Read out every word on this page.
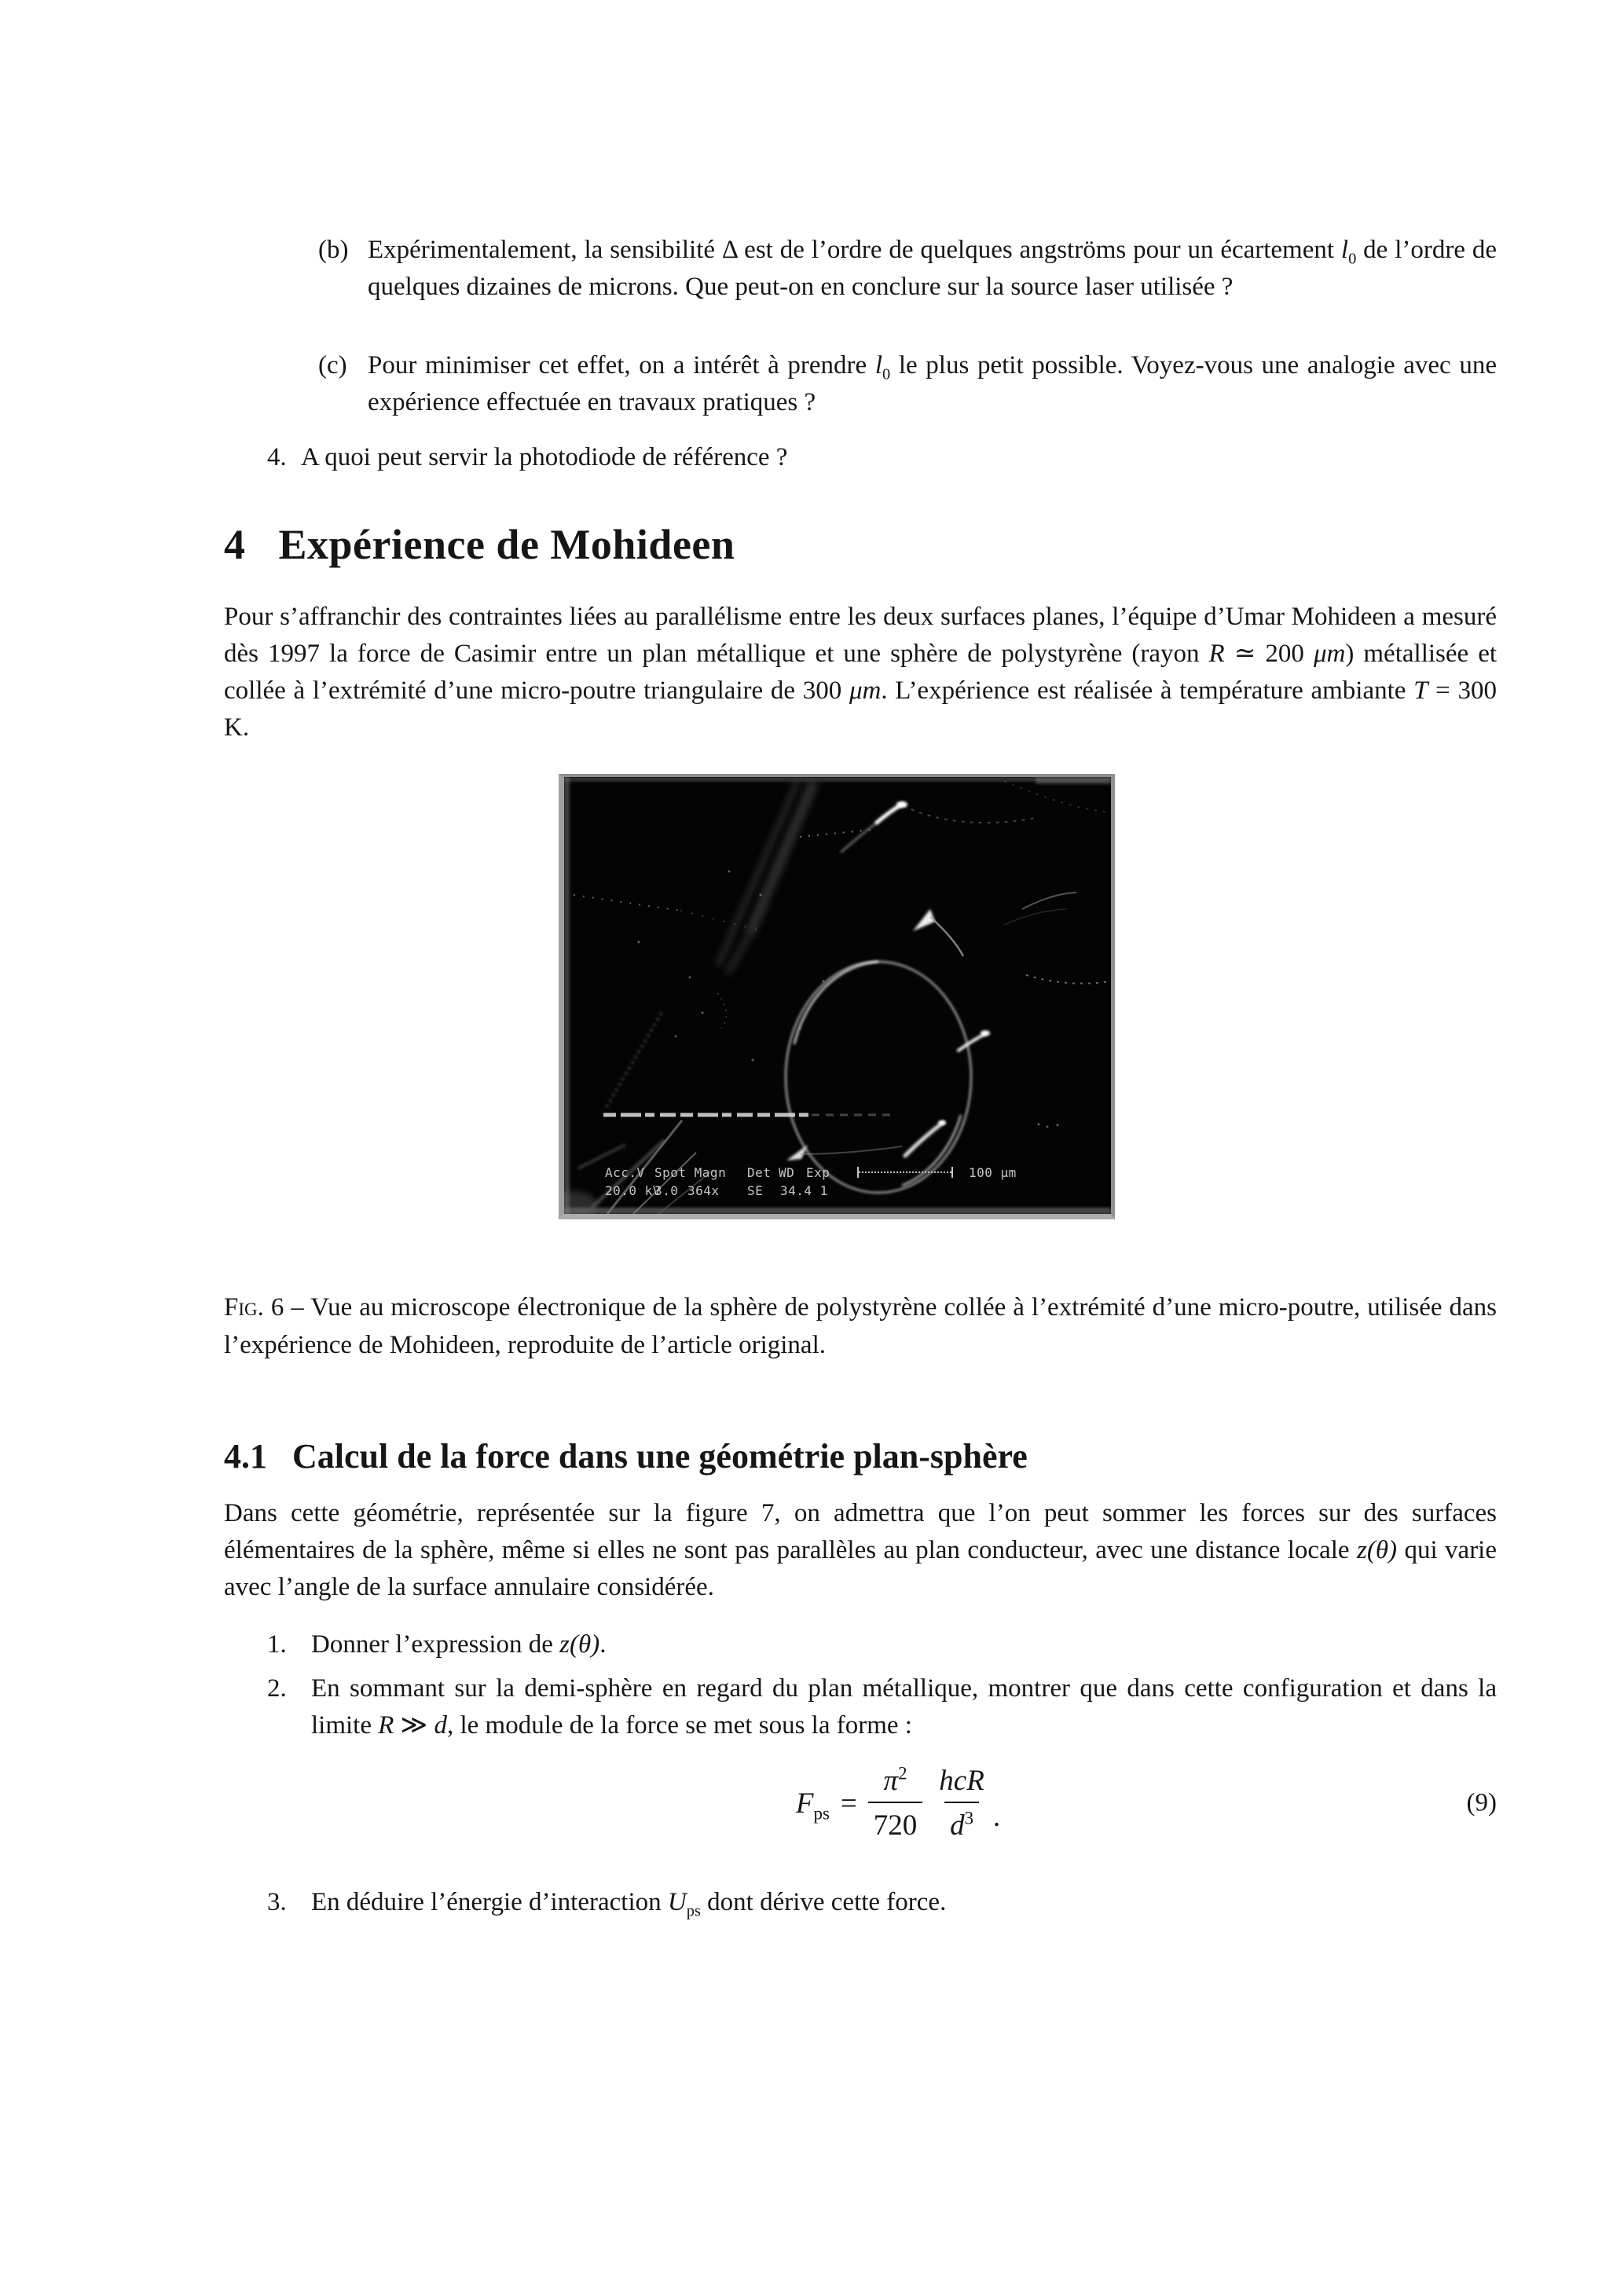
(b) Expérimentalement, la sensibilité Δ est de l’ordre de quelques angströms pour un écartement $l_0$ de l’ordre de quelques dizaines de microns. Que peut-on en conclure sur la source laser utilisée ?
(c) Pour minimiser cet effet, on a intérêt à prendre $l_0$ le plus petit possible. Voyez-vous une analogie avec une expérience effectuée en travaux pratiques ?
4. A quoi peut servir la photodiode de référence ?
4 Expérience de Mohideen
Pour s’affranchir des contraintes liées au parallélisme entre les deux surfaces planes, l’équipe d’Umar Mohideen a mesuré dès 1997 la force de Casimir entre un plan métallique et une sphère de polystyrène (rayon R ≃ 200 μm) métallisée et collée à l’extrémité d’une micro-poutre triangulaire de 300 μm. L’expérience est réalisée à température ambiante T = 300 K.
Acc.V Spot Magn Det WD Exp	100 μm
20.0 kV
3.0 364x SE 34.4 1
Fig. 6 – Vue au microscope électronique de la sphère de polystyrène collée à l’extrémité d’une micro-poutre, utilisée dans l’expérience de Mohideen, reproduite de l’article original.
4.1 Calcul de la force dans une géométrie plan-sphère
Dans cette géométrie, représentée sur la figure 7, on admettra que l’on peut sommer les forces sur des surfaces élémentaires de la sphère, même si elles ne sont pas parallèles au plan conducteur, avec une distance locale z(θ) qui varie avec l’angle de la surface annulaire considérée.
1. Donner l’expression de z(θ).
2. En sommant sur la demi-sphère en regard du plan métallique, montrer que dans cette configuration et dans la limite R ≫ d, le module de la force se met sous la forme :
$F_{ps} = \frac{\pi^2}{720} \frac{\text{hcR}}{d^3}$ .	(9)
3. En déduire l’énergie d’interaction $U_{ps}$ dont dérive cette force.
